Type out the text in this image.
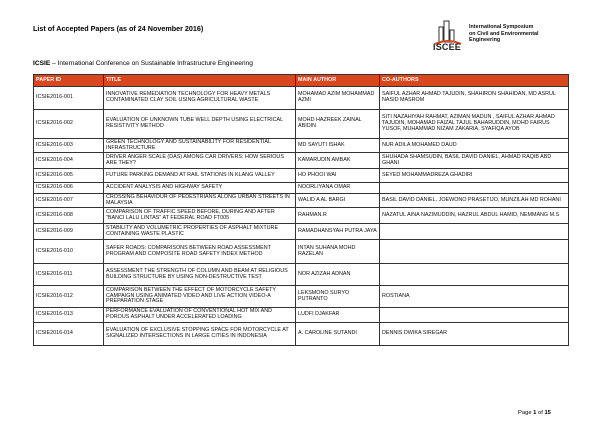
List of Accepted Papers (as of 24 November 2016)
ISCEE
International Symposium
on Civil and Environmental
Engineering
ICSIE – International Conference on Sustainable Infrastructure Engineering
PAPER ID	TITLE	MAIN AUTHOR	CO-AUTHORS
ICSIE2016-001	INNOVATIVE REMEDIATION TECHNOLOGY FOR HEAVY METALS CONTAMINATED CLAY SOIL USING AGRICULTURAL WASTE	MOHAMAD AZIM MOHAMMAD AZMI	SAIFUL AZHAR AHMAD TAJUDIN, SHAHIRON SHAHIDAN, MD ASRUL NASID MASROM
ICSIE2016-002	EVALUATION OF UNKNOWN TUBE WELL DEPTH USING ELECTRICAL RESISTIVITY METHOD	MOHD HAZREEK ZAINAL ABIDIN	SITI NAZAHIYAH RAHMAT, AZIMAN MADUN , SAIFUL AZHAR AHMAD TAJUDIN, MOHAMAD FAIZAL TAJUL BAHARUDDIN, MOHD FAIRUS YUSOF, MUHAMMAD NIZAM ZAKARIA, SYAFIQA AYOB
ICSIE2016-003	GREEN TECHNOLOGY AND SUSTAINABILITY FOR RESIDENTIAL INFRASTRUCTURE	MD SAYUTI ISHAK	NUR ADILA MOHAMED DAUD
ICSIE2016-004	DRIVER ANGER SCALE (DAS) AMONG CAR DRIVERS: HOW SERIOUS ARE THEY?	KAMARUDIN AMBAK	SHUHADA SHAMSUDIN, BASIL DAVID DANIEL, AHMAD RAQIB ABD GHANI
ICSIE2016-005	FUTURE PARKING DEMAND AT RAIL STATIONS IN KLANG VALLEY	HO PHOOI WAI	SEYED MOHAMMADREZA GHADIRI
ICSIE2016-006	ACCIDENT ANALYSIS AND HIGHWAY SAFETY	NOORLIYANA OMAR	
ICSIE2016-007	CROSSING BEHAVIOUR OF PEDESTRIANS ALONG URBAN STREETS IN MALAYSIA	WALID A AL BARGI	BASIL DAVID DANIEL, JOEWONO PRASETIJO, MUNZILAH MD ROHANI
ICSIE2016-008	COMPARISON OF TRAFFIC SPEED BEFORE, DURING AND AFTER "BANCI LALU LINTAS" AT FEDERAL ROAD FT005	RAHMAN.R	NAZATUL AINA NAZIMUDDIN, HAZRUL ABDUL HAMID, NEMMANG M.S
ICSIE2016-009	STABILITY AND VOLUMETRIC PROPERTIES OF ASPHALT MIXTURE CONTAINING WASTE PLASTIC	RAMADHANSYAH PUTRA JAYA	
ICSIE2016-010	SAFER ROADS: COMPARISONS BETWEEN ROAD ASSESSMENT PROGRAM AND COMPOSITE ROAD SAFETY INDEX METHOD	INTAN SUHANA MOHD RAZELAN	
ICSIE2016-011	ASSESSMENT THE STRENGTH OF COLUMN AND BEAM AT RELIGIOUS BUILDING STRUCTURE BY USING NON-DESTRUCTIVE TEST	NOR AZIZAH ADNAN	
ICSIE2016-012	COMPARISON BETWEEN THE EFFECT OF MOTORCYCLE SAFETY CAMPAIGN USING ANIMATED VIDEO AND LIVE ACTION VIDEO-A PREPARATION STAGE	LEKSMONO SURYO PUTRANTO	ROSTIANA
ICSIE2016-013	PERFORMANCE EVALUATION OF CONVENTIONAL HOT MIX AND POROUS ASPHALT UNDER ACCELERATED LOADING	LUDFI DJAKFAR	
ICSIE2016-014	EVALUATION OF EXCLUSIVE STOPPING SPACE FOR MOTORCYCLE AT SIGNALIZED INTERSECTIONS IN LARGE CITIES IN INDONESIA	A. CAROLINE SUTANDI	DENNIS DWIKA SIREGAR
Page 1 of 15
